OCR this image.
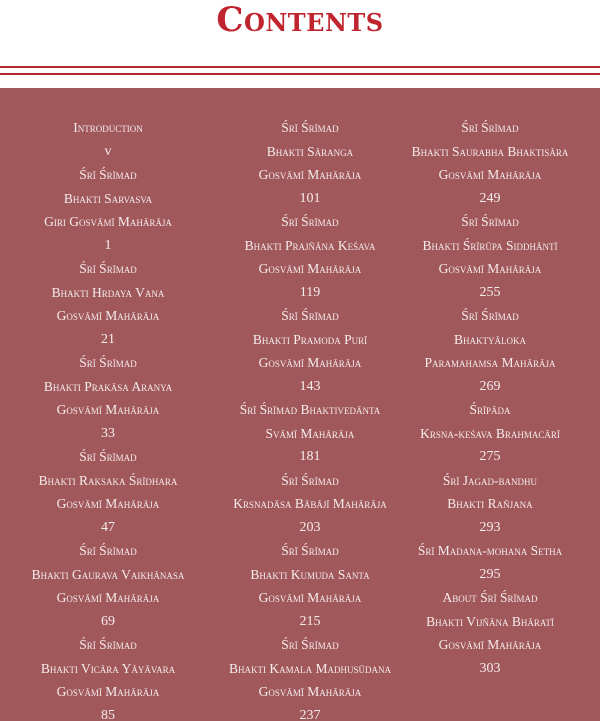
Contents
Introduction
v
Śrī Śrīmad
Bhakti Sarvasva
Giri Gosvāmī Mahārāja
1
Śrī Śrīmad
Bhakti Hrdaya Vana
Gosvāmī Mahārāja
21
Śrī Śrīmad
Bhakti Prakāsa Aranya
Gosvāmī Mahārāja
33
Śrī Śrīmad
Bhakti Raksaka Śrīdhara
Gosvāmī Mahārāja
47
Śrī Śrīmad
Bhakti Gaurava Vaikhānasa
Gosvāmī Mahārāja
69
Śrī Śrīmad
Bhakti Vicāra Yāyāvara
Gosvāmī Mahārāja
85
Śrī Śrīmad
Bhakti Sāranga
Gosvāmī Mahārāja
101
Śrī Śrīmad
Bhakti Prajñāna Keśava
Gosvāmī Mahārāja
119
Śrī Śrīmad
Bhakti Pramoda Purī
Gosvāmī Mahārāja
143
Śrī Śrīmad Bhaktivedānta
Svāmī Mahārāja
181
Śrī Śrīmad
Krsnadāsa Bābājī Mahārāja
203
Śrī Śrīmad
Bhakti Kumuda Santa
Gosvāmī Mahārāja
215
Śrī Śrīmad
Bhakti Kamala Madhusūdana
Gosvāmī Mahārāja
237
Śrī Śrīmad
Bhakti Saurabha Bhaktisāra
Gosvāmī Mahārāja
249
Śrī Śrīmad
Bhakti Śrīrūpa Siddhāntī
Gosvāmī Mahārāja
255
Śrī Śrīmad
Bhaktyāloka
Paramahamsa Mahārāja
269
Śrīpāda
Krsna-keśava Brahmacārī
275
Śrī Jagad-bandhu
Bhakti Rañjana
293
Śrī Madana-mohana Setha
295
About Śrī Śrīmad
Bhakti Vijñāna Bhāratī
Gosvāmī Mahārāja
303
